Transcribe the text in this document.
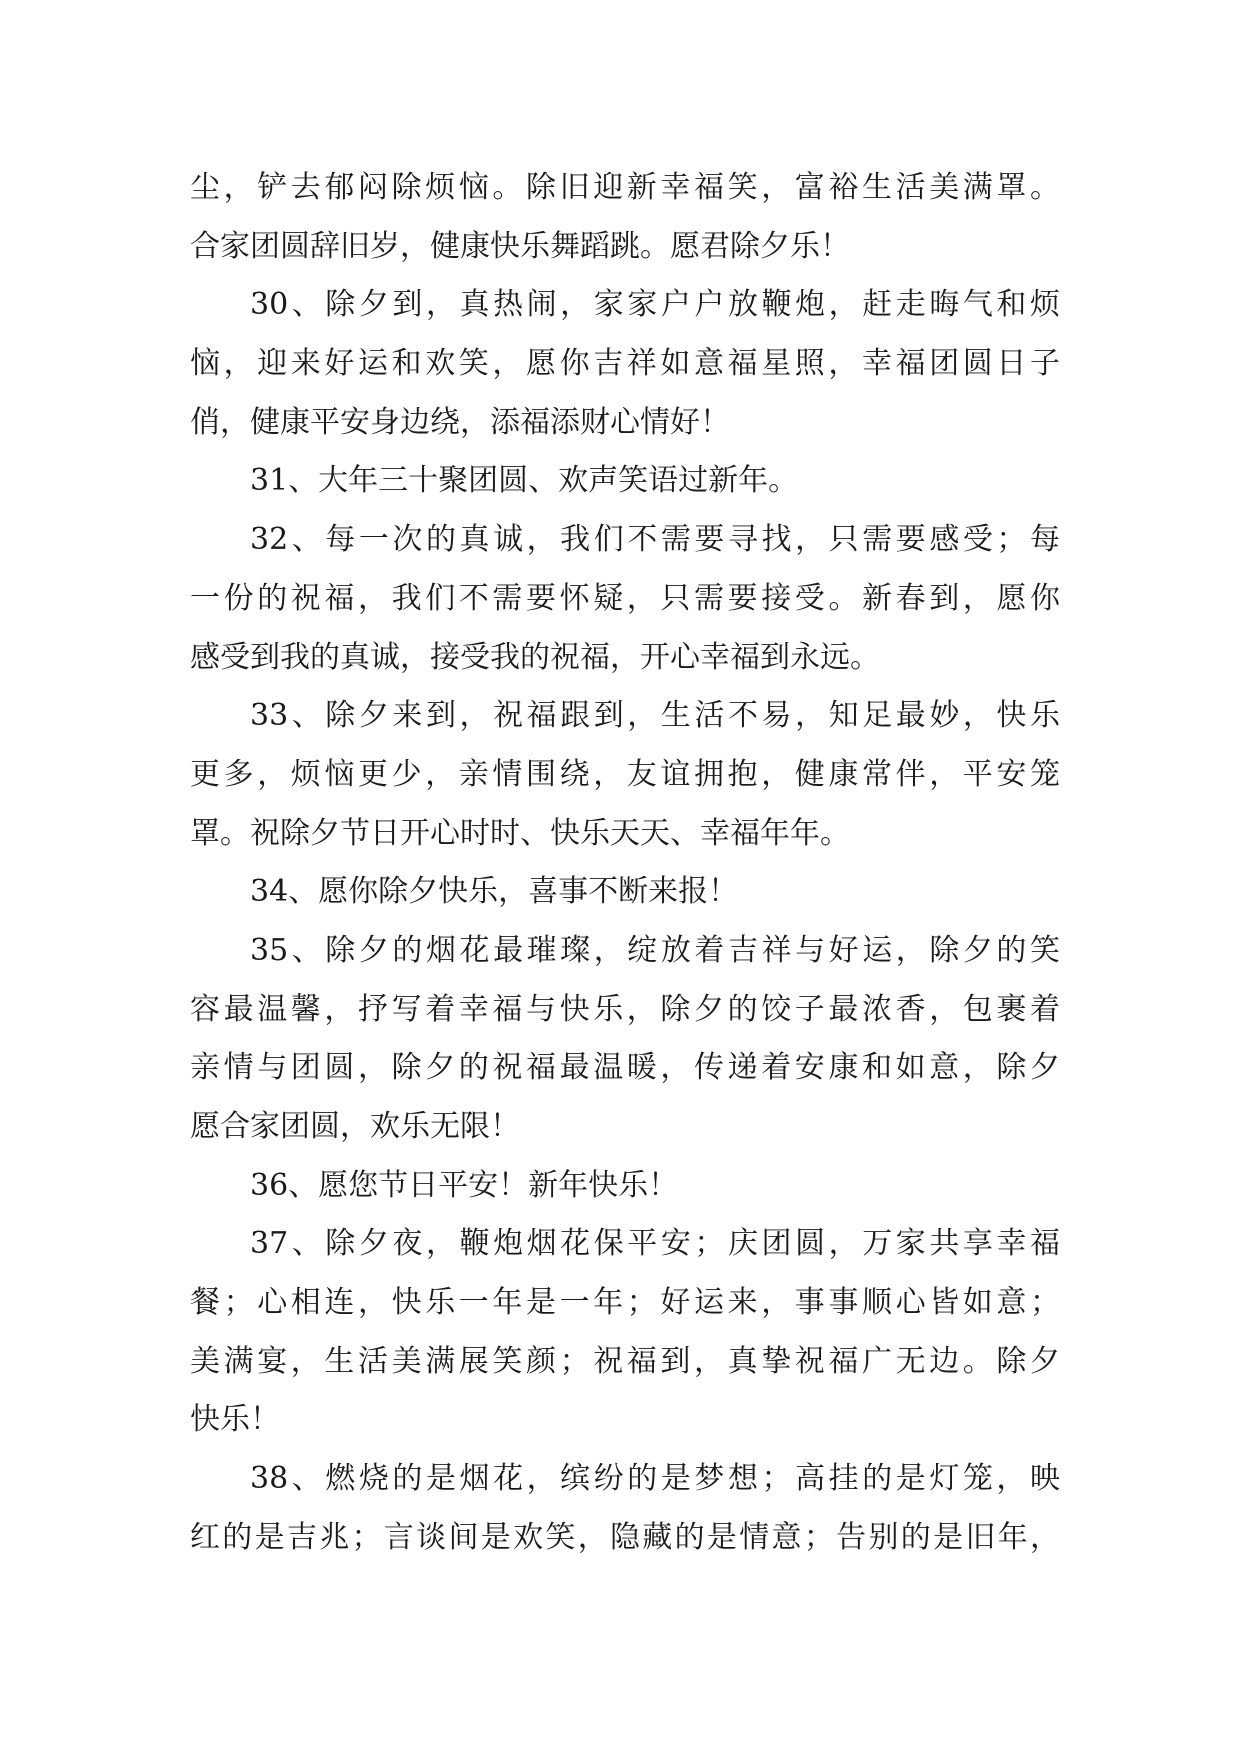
尘，铲去郁闷除烦恼。除旧迎新幸福笑，富裕生活美满罩。
合家团圆辞旧岁，健康快乐舞蹈跳。愿君除夕乐！
30、除夕到，真热闹，家家户户放鞭炮，赶走晦气和烦
恼，迎来好运和欢笑，愿你吉祥如意福星照，幸福团圆日子
俏，健康平安身边绕，添福添财心情好！
31、大年三十聚团圆、欢声笑语过新年。
32、每一次的真诚，我们不需要寻找，只需要感受；每
一份的祝福，我们不需要怀疑，只需要接受。新春到，愿你
感受到我的真诚，接受我的祝福，开心幸福到永远。
33、除夕来到，祝福跟到，生活不易，知足最妙，快乐
更多，烦恼更少，亲情围绕，友谊拥抱，健康常伴，平安笼
罩。祝除夕节日开心时时、快乐天天、幸福年年。
34、愿你除夕快乐，喜事不断来报！
35、除夕的烟花最璀璨，绽放着吉祥与好运，除夕的笑
容最温馨，抒写着幸福与快乐，除夕的饺子最浓香，包裹着
亲情与团圆，除夕的祝福最温暖，传递着安康和如意，除夕
愿合家团圆，欢乐无限！
36、愿您节日平安！新年快乐！
37、除夕夜，鞭炮烟花保平安；庆团圆，万家共享幸福
餐；心相连，快乐一年是一年；好运来，事事顺心皆如意；
美满宴，生活美满展笑颜；祝福到，真挚祝福广无边。除夕
快乐！
38、燃烧的是烟花，缤纷的是梦想；高挂的是灯笼，映
红的是吉兆；言谈间是欢笑，隐藏的是情意；告别的是旧年，
